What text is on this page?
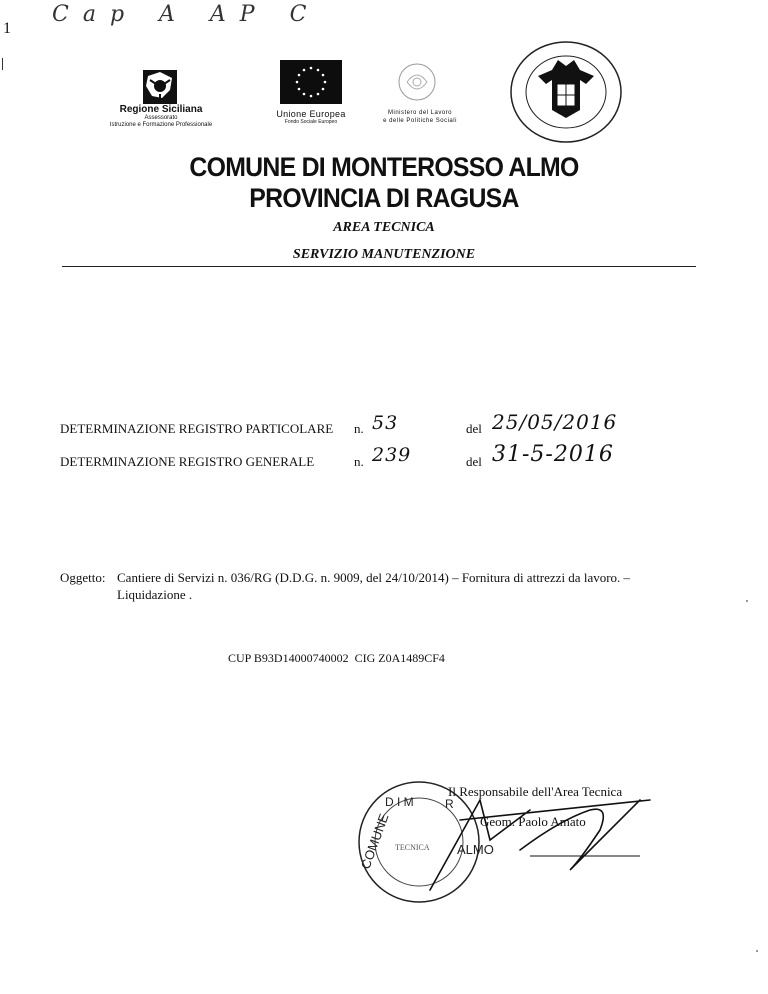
1
Cap A AP C
Regione Siciliana
Assessorato
Istruzione e Formazione Professionale
Unione Europea
Fondo Sociale Europeo
Ministero del Lavoro
e delle Politiche Sociali
COMUNE DI MONTEROSSO ALMO
PROVINCIA DI RAGUSA
AREA TECNICA
SERVIZIO MANUTENZIONE
DETERMINAZIONE REGISTRO PARTICOLARE n. 53	del 25/05/2016
DETERMINAZIONE REGISTRO GENERALE	n. 239	del 31-5-2016
Oggetto: Cantiere di Servizi n. 036/RG (D.D.G. n. 9009, del 24/10/2014) – Fornitura di attrezzi da lavoro. –
Liquidazione .
CUP B93D14000740002  CIG Z0A1489CF4
COMUNE
D I M	R
ALMO
TECNICA
Il Responsabile dell'Area Tecnica
Geom. Paolo Amato
